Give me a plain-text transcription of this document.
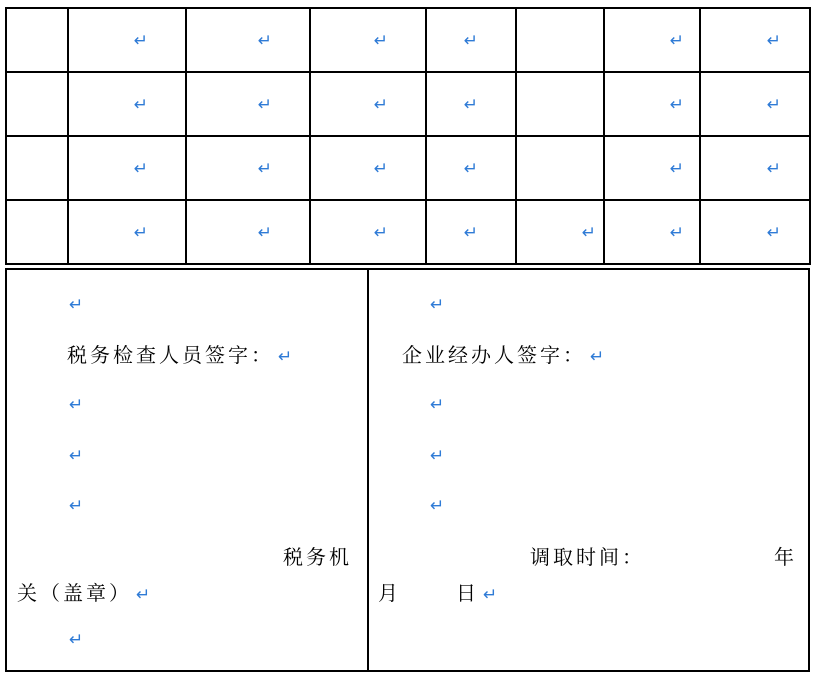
	↵	↵	↵	↵		↵	↵

	↵	↵	↵	↵		↵	↵

	↵	↵	↵	↵		↵	↵

	↵	↵	↵	↵	↵	↵	↵
↵
税务检查人员签字： ↵
↵
↵
↵
税务机
关（盖章） ↵
↵
↵
企业经办人签字： ↵
↵
↵
↵
调取时间：	年
月	日 ↵
